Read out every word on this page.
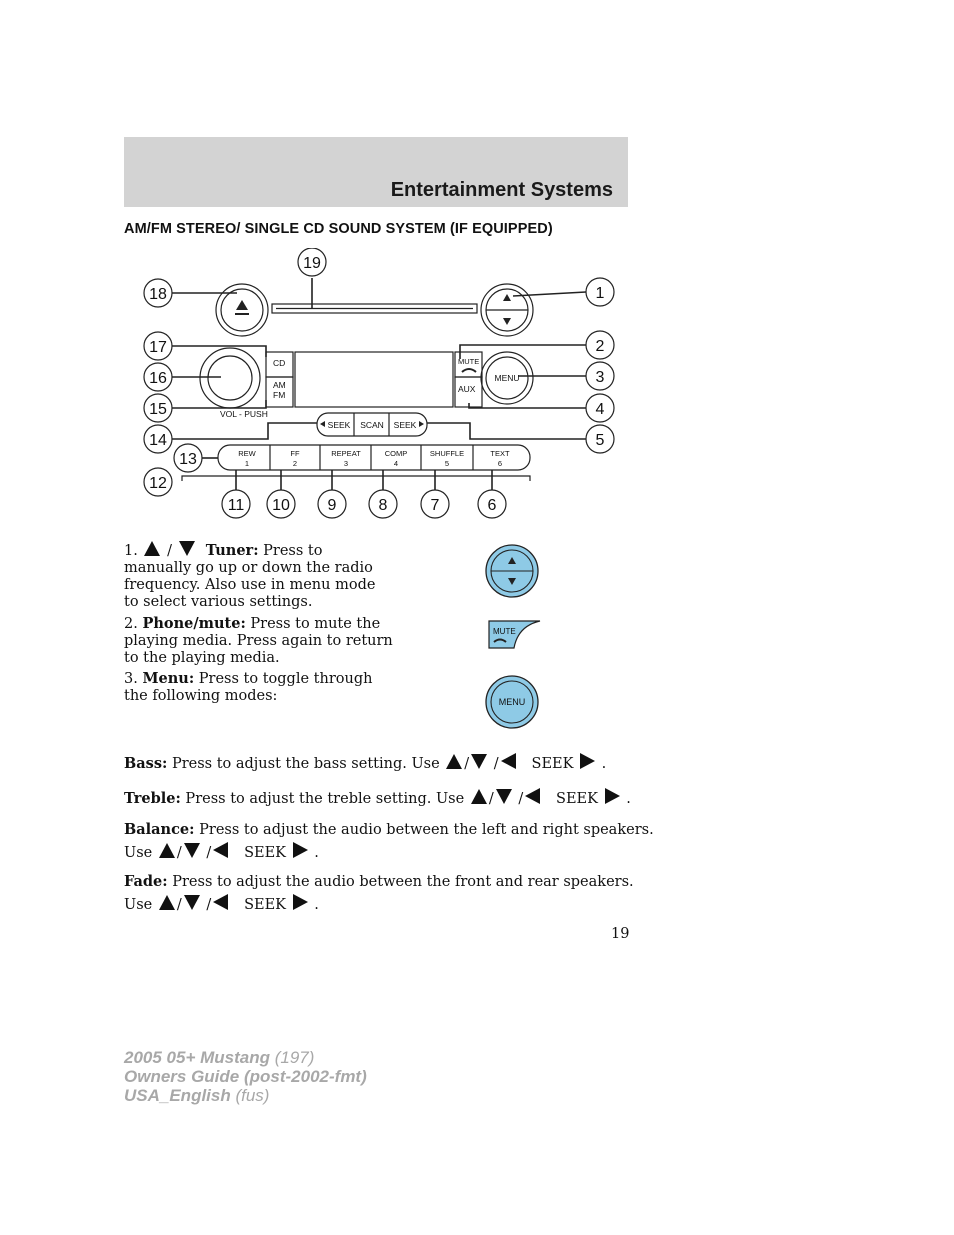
Entertainment Systems
AM/FM STEREO/ SINGLE CD SOUND SYSTEM (IF EQUIPPED)
CD
AM
FM
VOL - PUSH
MUTE
AUX
MENU
SEEK SCAN SEEK
REW
1
FF
2
REPEAT
3
COMP
4
SHUFFLE
5
TEXT
6
1
2
3
4
5
6
7
8
9
10
11
12
13
14
15
16
17
18
19
1. / Tuner: Press to
manually go up or down the radio
frequency. Also use in menu mode
to select various settings.
2. Phone/mute: Press to mute the
playing media. Press again to return
to the playing media.
MUTE
3. Menu: Press to toggle through
the following modes:	MENU
Bass: Press to adjust the bass setting. Use / / SEEK .
Treble: Press to adjust the treble setting. Use / / SEEK .
Balance: Press to adjust the audio between the left and right speakers.
Use / / SEEK .
Fade: Press to adjust the audio between the front and rear speakers.
Use / / SEEK .
19
2005 05+ Mustang (197)
Owners Guide (post-2002-fmt)
USA_English (fus)
